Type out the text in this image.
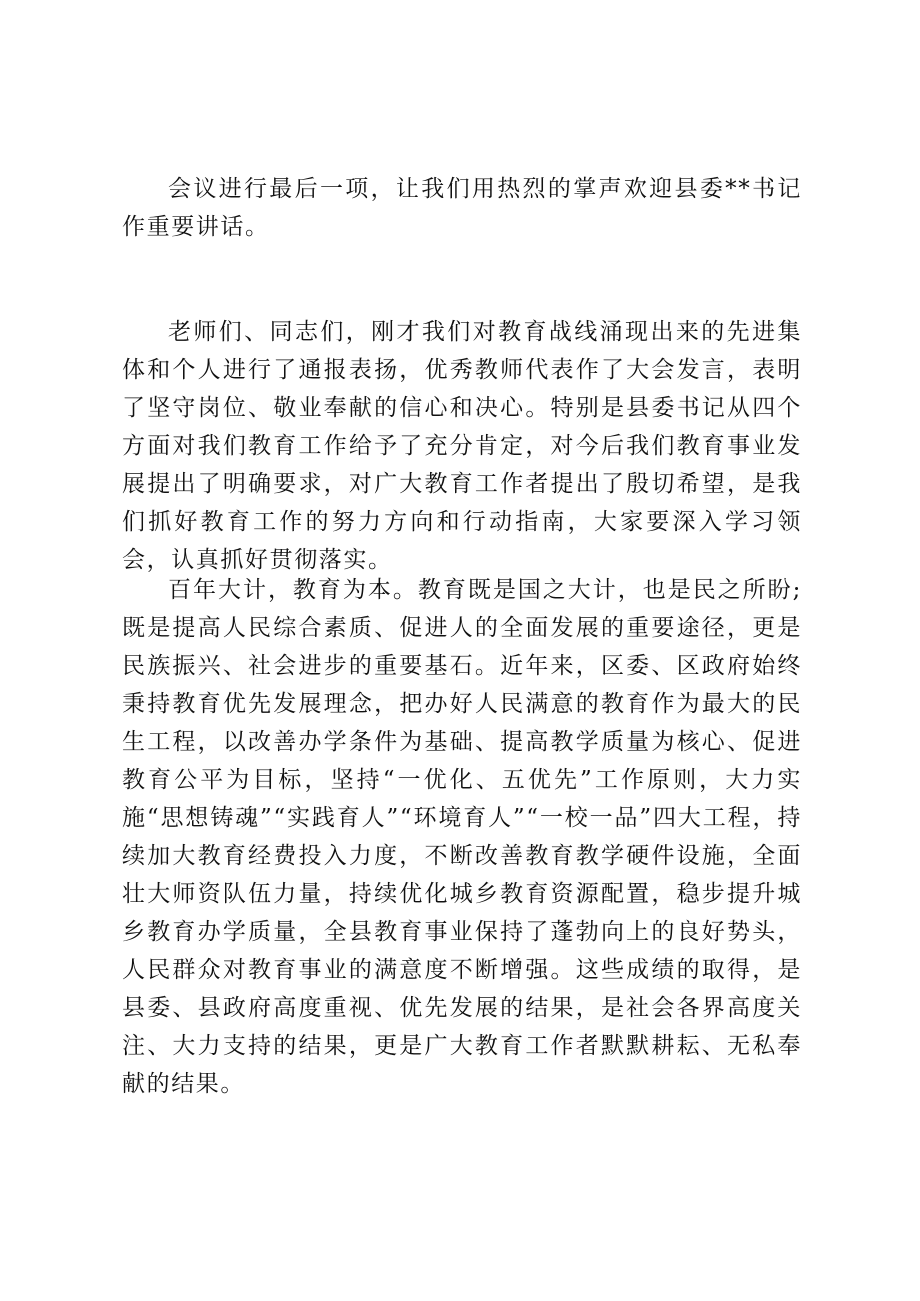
会议进行最后一项，让我们用热烈的掌声欢迎县委**书记作重要讲话。

老师们、同志们，刚才我们对教育战线涌现出来的先进集体和个人进行了通报表扬，优秀教师代表作了大会发言，表明了坚守岗位、敬业奉献的信心和决心。特别是县委书记从四个方面对我们教育工作给予了充分肯定，对今后我们教育事业发展提出了明确要求，对广大教育工作者提出了殷切希望，是我们抓好教育工作的努力方向和行动指南，大家要深入学习领会，认真抓好贯彻落实。

百年大计，教育为本。教育既是国之大计，也是民之所盼;既是提高人民综合素质、促进人的全面发展的重要途径，更是民族振兴、社会进步的重要基石。近年来，区委、区政府始终秉持教育优先发展理念，把办好人民满意的教育作为最大的民生工程，以改善办学条件为基础、提高教学质量为核心、促进教育公平为目标，坚持“一优化、五优先”工作原则，大力实施“思想铸魂”“实践育人”“环境育人”“一校一品”四大工程，持续加大教育经费投入力度，不断改善教育教学硬件设施，全面壮大师资队伍力量，持续优化城乡教育资源配置，稳步提升城乡教育办学质量，全县教育事业保持了蓬勃向上的良好势头，人民群众对教育事业的满意度不断增强。这些成绩的取得，是县委、县政府高度重视、优先发展的结果，是社会各界高度关注、大力支持的结果，更是广大教育工作者默默耕耘、无私奉献的结果。
